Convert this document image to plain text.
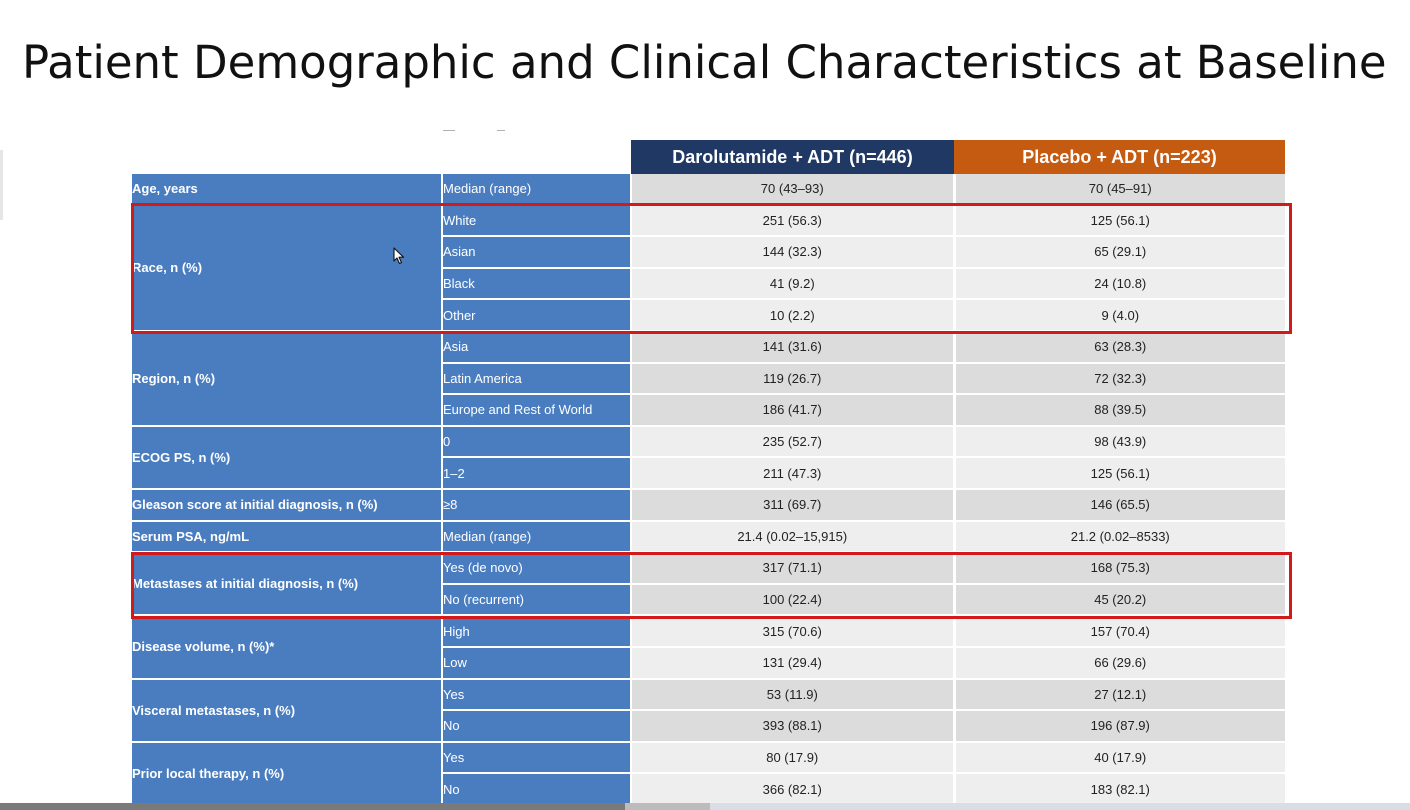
Patient Demographic and Clinical Characteristics at Baseline
		Darolutamide + ADT (n=446)	Placebo + ADT (n=223)
Age, years	Median (range)	70 (43–93)	70 (45–91)
Race, n (%)	White	251 (56.3)	125 (56.1)
	Asian	144 (32.3)	65 (29.1)
	Black	41 (9.2)	24 (10.8)
	Other	10 (2.2)	9 (4.0)
Region, n (%)	Asia	141 (31.6)	63 (28.3)
	Latin America	119 (26.7)	72 (32.3)
	Europe and Rest of World	186 (41.7)	88 (39.5)
ECOG PS, n (%)	0	235 (52.7)	98 (43.9)
	1–2	211 (47.3)	125 (56.1)
Gleason score at initial diagnosis, n (%)	≥8	311 (69.7)	146 (65.5)
Serum PSA, ng/mL	Median (range)	21.4 (0.02–15,915)	21.2 (0.02–8533)
Metastases at initial diagnosis, n (%)	Yes (de novo)	317 (71.1)	168 (75.3)
	No (recurrent)	100 (22.4)	45 (20.2)
Disease volume, n (%)*	High	315 (70.6)	157 (70.4)
	Low	131 (29.4)	66 (29.6)
Visceral metastases, n (%)	Yes	53 (11.9)	27 (12.1)
	No	393 (88.1)	196 (87.9)
Prior local therapy, n (%)	Yes	80 (17.9)	40 (17.9)
	No	366 (82.1)	183 (82.1)
